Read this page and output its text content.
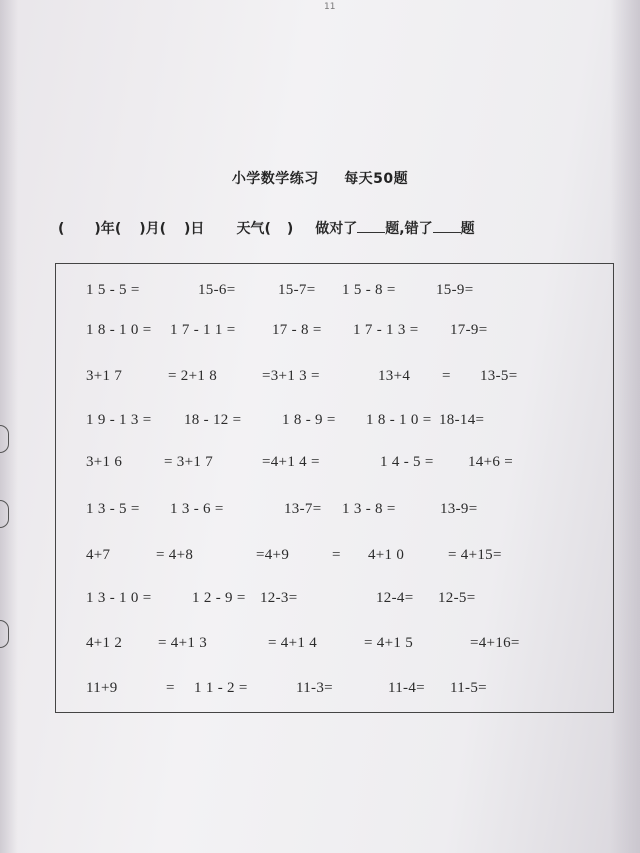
11
小学数学练习 每天50题
( )年( )月( )日 天气( ) 做对了 题,错了 题
1 5 - 5 =	15-6=	15-7= 1 5 - 8 =	15-9=
1 8 - 1 0 = 1 7 - 1 1 = 17 - 8 = 1 7 - 1 3 = 17-9=
3+1 7	= 2+1 8	=3+1 3 =	13+4 = 13-5=
1 9 - 1 3 = 18 - 12 =	1 8 - 9 = 1 8 - 1 0 = 18-14=
3+1 6	= 3+1 7	=4+1 4 =	1 4 - 5 = 14+6 =
1 3 - 5 = 1 3 - 6 =	13-7= 1 3 - 8 =	13-9=
4+7	= 4+8	=4+9	= 4+1 0	= 4+15=
1 3 - 1 0 =	1 2 - 9 = 12-3=	12-4= 12-5=
4+1 2 = 4+1 3	= 4+1 4	= 4+1 5	=4+16=
11+9	= 1 1 - 2 =	11-3=	11-4= 11-5=
